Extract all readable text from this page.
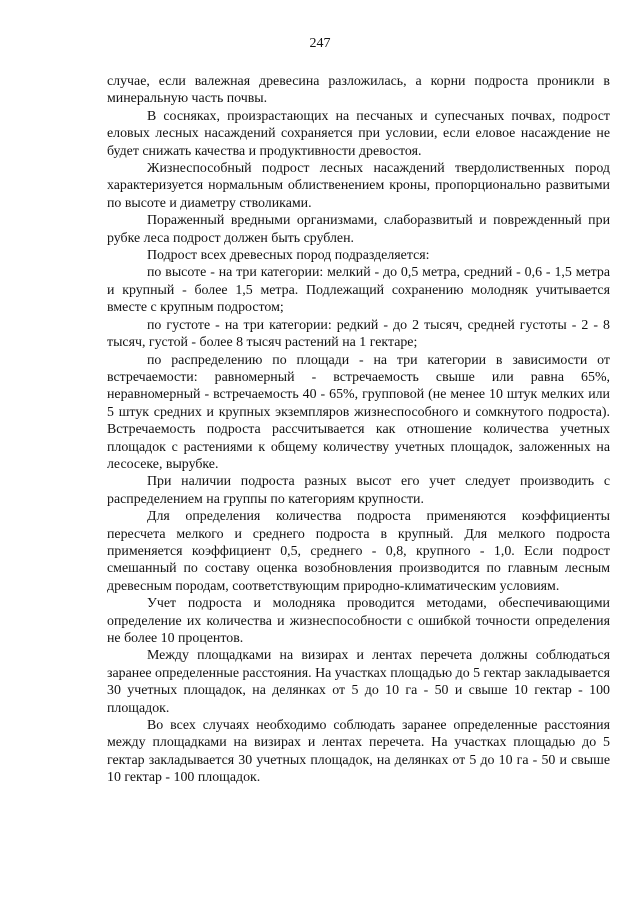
247

случае, если валежная древесина разложилась, а корни подроста проникли в минеральную часть почвы.

В сосняках, произрастающих на песчаных и супесчаных почвах, подрост еловых лесных насаждений сохраняется при условии, если еловое насаждение не будет снижать качества и продуктивности древостоя.

Жизнеспособный подрост лесных насаждений твердолиственных пород характеризуется нормальным облиственением кроны, пропорционально развитыми по высоте и диаметру стволиками.

Пораженный вредными организмами, слаборазвитый и поврежденный при рубке леса подрост должен быть срублен.

Подрост всех древесных пород подразделяется:

по высоте - на три категории: мелкий - до 0,5 метра, средний - 0,6 - 1,5 метра и крупный - более 1,5 метра. Подлежащий сохранению молодняк учитывается вместе с крупным подростом;

по густоте - на три категории: редкий - до 2 тысяч, средней густоты - 2 - 8 тысяч, густой - более 8 тысяч растений на 1 гектаре;

по распределению по площади - на три категории в зависимости от встречаемости: равномерный - встречаемость свыше или равна 65%, неравномерный - встречаемость 40 - 65%, групповой (не менее 10 штук мелких или 5 штук средних и крупных экземпляров жизнеспособного и сомкнутого подроста). Встречаемость подроста рассчитывается как отношение количества учетных площадок с растениями к общему количеству учетных площадок, заложенных на лесосеке, вырубке.

При наличии подроста разных высот его учет следует производить с распределением на группы по категориям крупности.

Для определения количества подроста применяются коэффициенты пересчета мелкого и среднего подроста в крупный. Для мелкого подроста применяется коэффициент 0,5, среднего - 0,8, крупного - 1,0. Если подрост смешанный по составу оценка возобновления производится по главным лесным древесным породам, соответствующим природно-климатическим условиям.

Учет подроста и молодняка проводится методами, обеспечивающими определение их количества и жизнеспособности с ошибкой точности определения не более 10 процентов.

Между площадками на визирах и лентах перечета должны соблюдаться заранее определенные расстояния. На участках площадью до 5 гектар закладывается 30 учетных площадок, на делянках от 5 до 10 га - 50 и свыше 10 гектар - 100 площадок.

Во всех случаях необходимо соблюдать заранее определенные расстояния между площадками на визирах и лентах перечета. На участках площадью до 5 гектар закладывается 30 учетных площадок, на делянках от 5 до 10 га - 50 и свыше 10 гектар - 100 площадок.
